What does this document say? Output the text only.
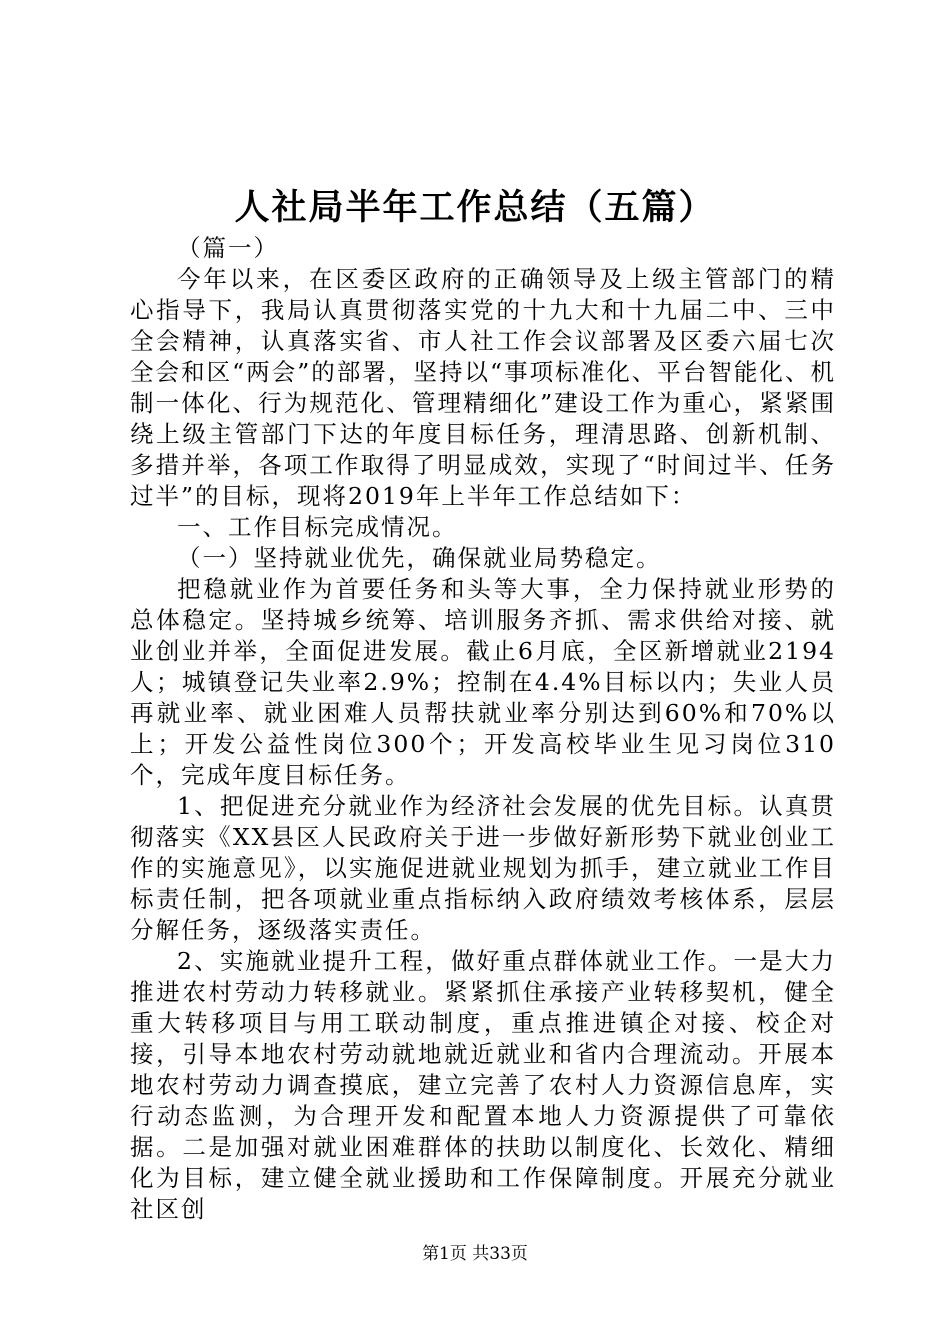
人社局半年工作总结（五篇）

（篇一）

今年以来，在区委区政府的正确领导及上级主管部门的精心指导下，我局认真贯彻落实党的十九大和十九届二中、三中全会精神，认真落实省、市人社工作会议部署及区委六届七次全会和区“两会”的部署，坚持以“事项标准化、平台智能化、机制一体化、行为规范化、管理精细化”建设工作为重心，紧紧围绕上级主管部门下达的年度目标任务，理清思路、创新机制、多措并举，各项工作取得了明显成效，实现了“时间过半、任务过半”的目标，现将2019年上半年工作总结如下：

一、工作目标完成情况。

（一）坚持就业优先，确保就业局势稳定。

把稳就业作为首要任务和头等大事，全力保持就业形势的总体稳定。坚持城乡统筹、培训服务齐抓、需求供给对接、就业创业并举，全面促进发展。截止6月底，全区新增就业2194人；城镇登记失业率2.9%；控制在4.4%目标以内；失业人员再就业率、就业困难人员帮扶就业率分别达到60%和70%以上；开发公益性岗位300个；开发高校毕业生见习岗位310个，完成年度目标任务。

1、把促进充分就业作为经济社会发展的优先目标。认真贯彻落实《XX县区人民政府关于进一步做好新形势下就业创业工作的实施意见》，以实施促进就业规划为抓手，建立就业工作目标责任制，把各项就业重点指标纳入政府绩效考核体系，层层分解任务，逐级落实责任。

2、实施就业提升工程，做好重点群体就业工作。一是大力推进农村劳动力转移就业。紧紧抓住承接产业转移契机，健全重大转移项目与用工联动制度，重点推进镇企对接、校企对接，引导本地农村劳动就地就近就业和省内合理流动。开展本地农村劳动力调查摸底，建立完善了农村人力资源信息库，实行动态监测，为合理开发和配置本地人力资源提供了可靠依据。二是加强对就业困难群体的扶助以制度化、长效化、精细化为目标，建立健全就业援助和工作保障制度。开展充分就业社区创

第1页 共33页
